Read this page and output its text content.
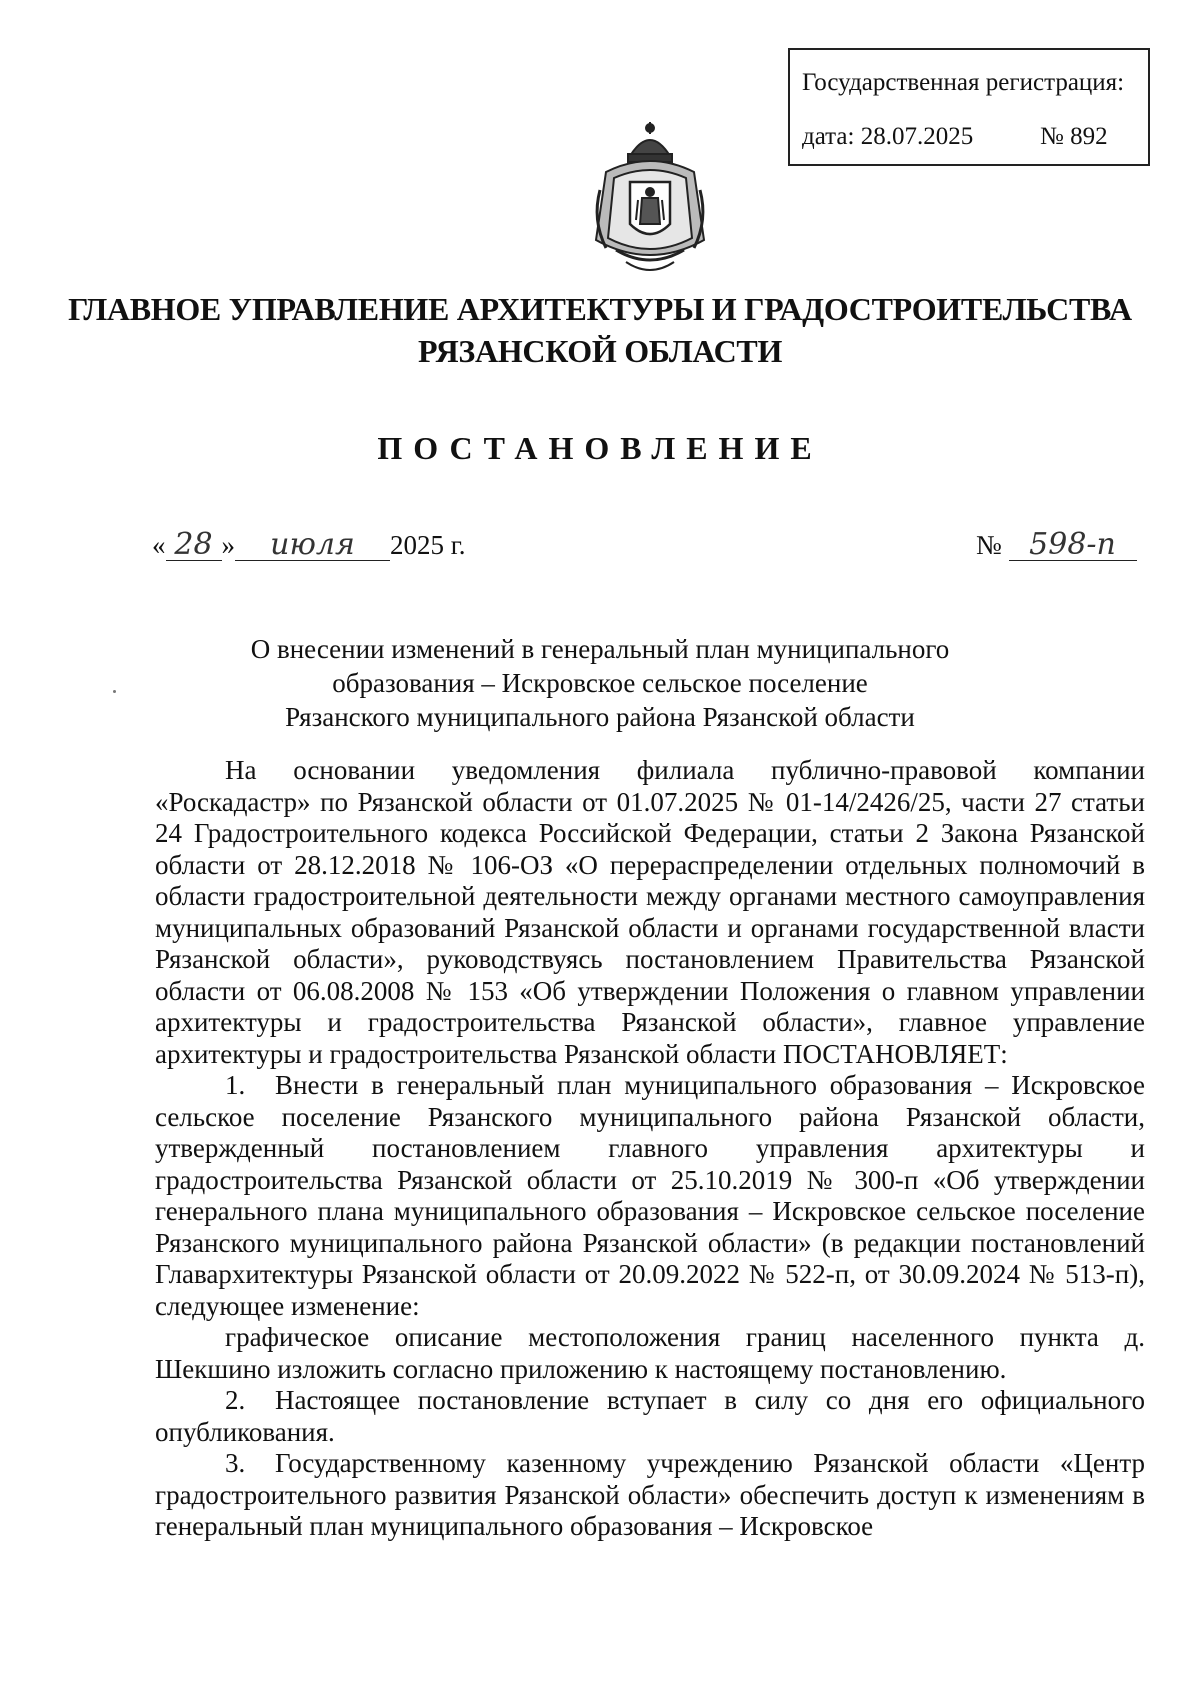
Государственная регистрация:
дата: 28.07.2025	№ 892
ГЛАВНОЕ УПРАВЛЕНИЕ АРХИТЕКТУРЫ И ГРАДОСТРОИТЕЛЬСТВА
РЯЗАНСКОЙ ОБЛАСТИ
ПОСТАНОВЛЕНИЕ
« 28 » июля 2025 г.	№ 598-п
О внесении изменений в генеральный план муниципального
образования – Искровское сельское поселение
Рязанского муниципального района Рязанской области

На основании уведомления филиала публично-правовой компании «Роскадастр» по Рязанской области от 01.07.2025 № 01-14/2426/25, части 27 статьи 24 Градостроительного кодекса Российской Федерации, статьи 2 Закона Рязанской области от 28.12.2018 № 106-ОЗ «О перераспределении отдельных полномочий в области градостроительной деятельности между органами местного самоуправления муниципальных образований Рязанской области и органами государственной власти Рязанской области», руководствуясь постановлением Правительства Рязанской области от 06.08.2008 № 153 «Об утверждении Положения о главном управлении архитектуры и градостроительства Рязанской области», главное управление архитектуры и градостроительства Рязанской области ПОСТАНОВЛЯЕТ:

1. Внести в генеральный план муниципального образования – Искровское сельское поселение Рязанского муниципального района Рязанской области, утвержденный постановлением главного управления архитектуры и градостроительства Рязанской области от 25.10.2019 № 300-п «Об утверждении генерального плана муниципального образования – Искровское сельское поселение Рязанского муниципального района Рязанской области» (в редакции постановлений Главархитектуры Рязанской области от 20.09.2022 № 522-п, от 30.09.2024 № 513-п), следующее изменение:

графическое описание местоположения границ населенного пункта д. Шекшино изложить согласно приложению к настоящему постановлению.

2. Настоящее постановление вступает в силу со дня его официального опубликования.

3. Государственному казенному учреждению Рязанской области «Центр градостроительного развития Рязанской области» обеспечить доступ к изменениям в генеральный план муниципального образования – Искровское
